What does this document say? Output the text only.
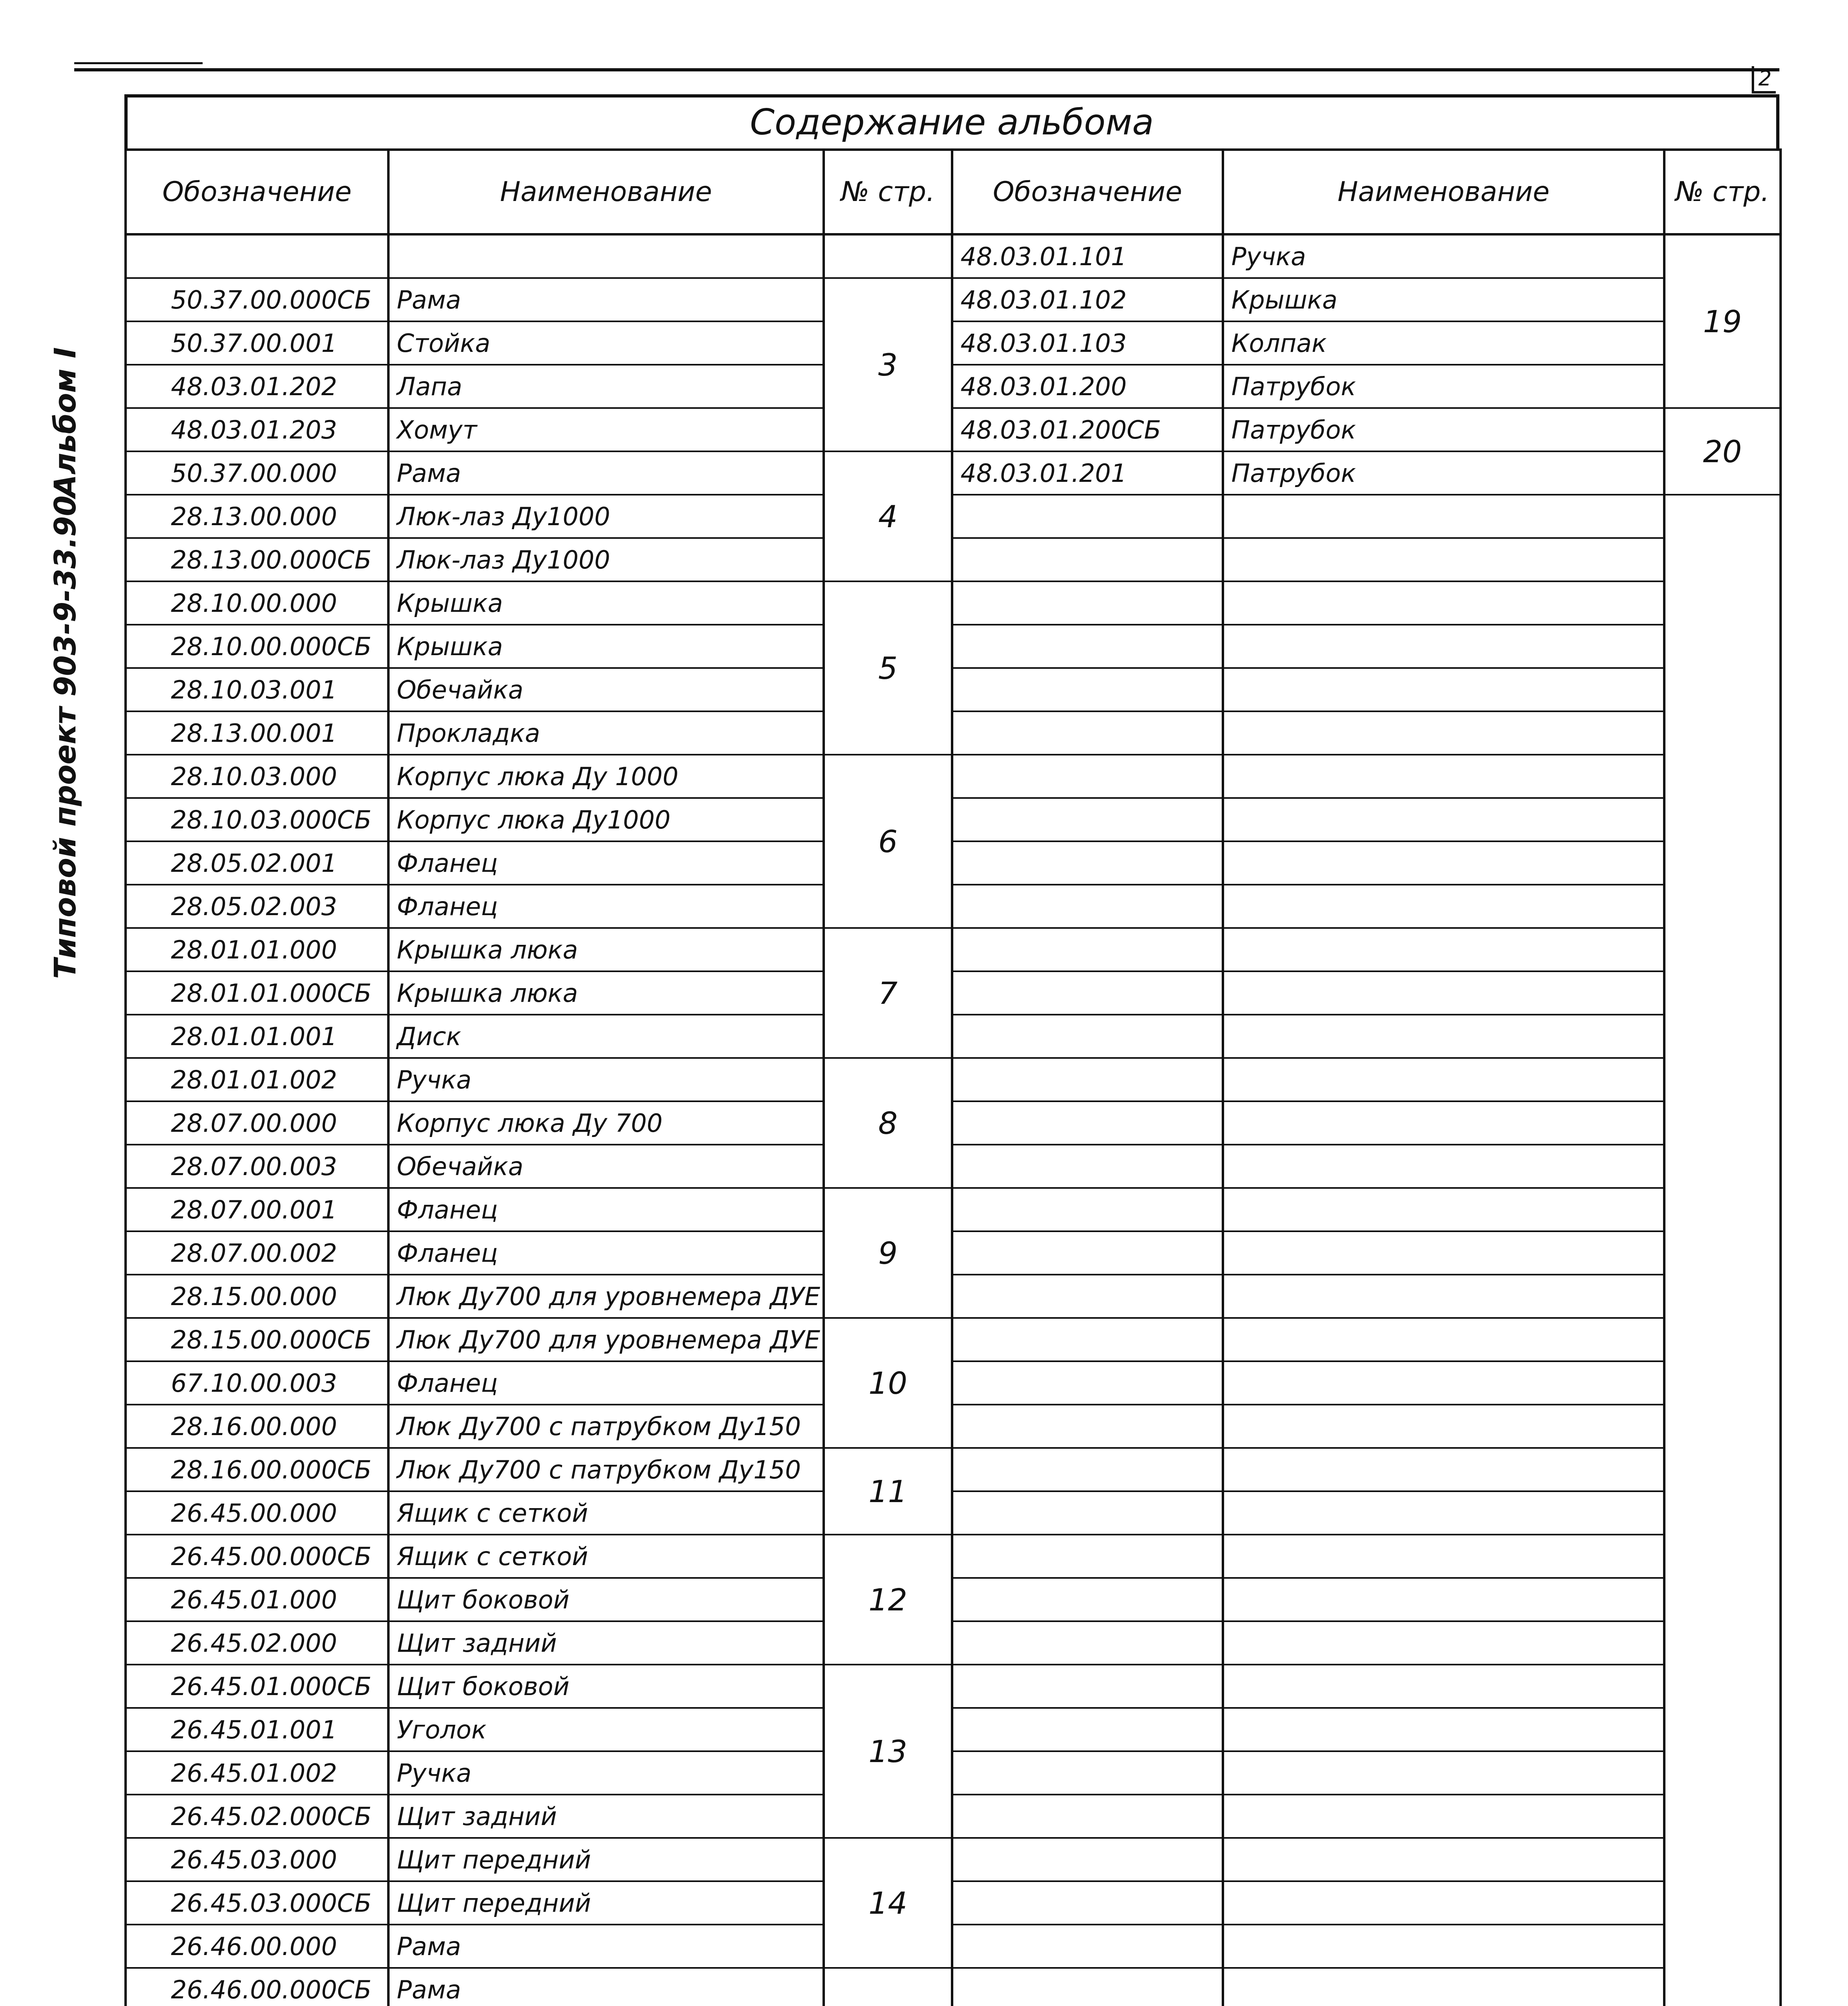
2
Альбом I
Типовой проект 903-9-33.90
Содержание альбома
Обозначение	Наименование	№ стр.	Обозначение	Наименование	№ стр.
			48.03.01.101	Ручка	19
50.37.00.000СБ	Рама	3	48.03.01.102	Крышка	
50.37.00.001	Стойка		48.03.01.103	Колпак	
48.03.01.202	Лапа		48.03.01.200	Патрубок	
48.03.01.203	Хомут		48.03.01.200СБ	Патрубок	20
50.37.00.000	Рама	4	48.03.01.201	Патрубок	
28.13.00.000	Люк-лаз Ду1000				
28.13.00.000СБ	Люк-лаз Ду1000				
28.10.00.000	Крышка	5			
28.10.00.000СБ	Крышка				
28.10.03.001	Обечайка				
28.13.00.001	Прокладка				
28.10.03.000	Корпус люка Ду 1000	6			
28.10.03.000СБ	Корпус люка Ду1000				
28.05.02.001	Фланец				
28.05.02.003	Фланец				
28.01.01.000	Крышка люка	7			
28.01.01.000СБ	Крышка люка				
28.01.01.001	Диск				
28.01.01.002	Ручка	8			
28.07.00.000	Корпус люка Ду 700				
28.07.00.003	Обечайка				
28.07.00.001	Фланец	9			
28.07.00.002	Фланец				
28.15.00.000	Люк Ду700 для уровнемера ДУЕ				
28.15.00.000СБ	Люк Ду700 для уровнемера ДУЕ	10			
67.10.00.003	Фланец				
28.16.00.000	Люк Ду700 с патрубком Ду150				
28.16.00.000СБ	Люк Ду700 с патрубком Ду150	11			
26.45.00.000	Ящик с сеткой				
26.45.00.000СБ	Ящик с сеткой	12			
26.45.01.000	Щит боковой				
26.45.02.000	Щит задний				
26.45.01.000СБ	Щит боковой	13			
26.45.01.001	Уголок				
26.45.01.002	Ручка				
26.45.02.000СБ	Щит задний				
26.45.03.000	Щит передний	14			
26.45.03.000СБ	Щит передний				
26.46.00.000	Рама				
26.46.00.000СБ	Рама			
